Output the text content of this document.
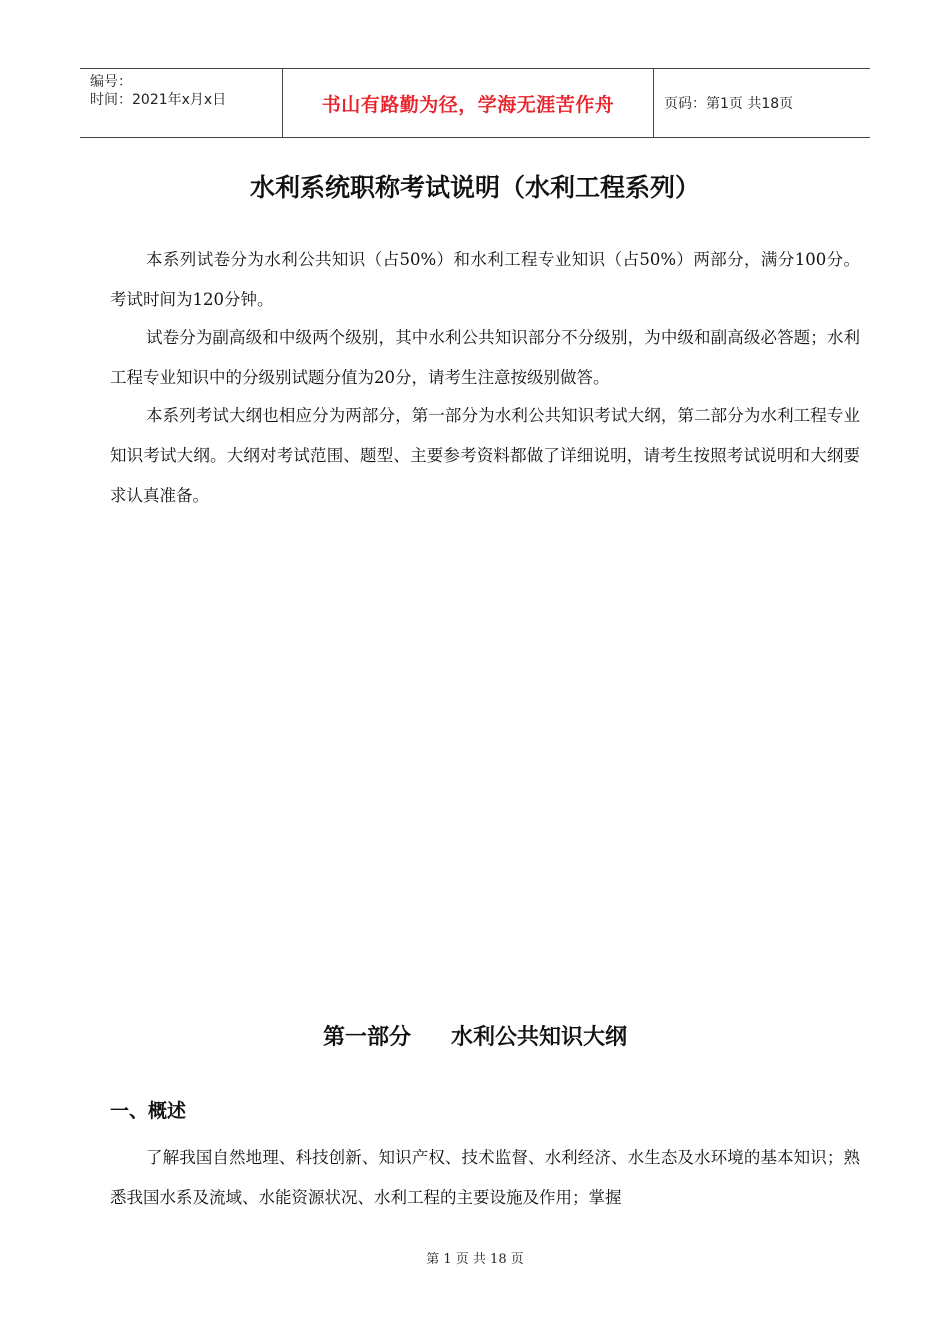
编号：
时间：2021年x月x日	书山有路勤为径，学海无涯苦作舟	页码：第1页 共18页
水利系统职称考试说明（水利工程系列）

本系列试卷分为水利公共知识（占50%）和水利工程专业知识（占50%）两部分，满分100分。考试时间为120分钟。

试卷分为副高级和中级两个级别，其中水利公共知识部分不分级别，为中级和副高级必答题；水利工程专业知识中的分级别试题分值为20分，请考生注意按级别做答。

本系列考试大纲也相应分为两部分，第一部分为水利公共知识考试大纲，第二部分为水利工程专业知识考试大纲。大纲对考试范围、题型、主要参考资料都做了详细说明，请考生按照考试说明和大纲要求认真准备。

第一部分 水利公共知识大纲
一、概述

了解我国自然地理、科技创新、知识产权、技术监督、水利经济、水生态及水环境的基本知识；熟悉我国水系及流域、水能资源状况、水利工程的主要设施及作用；掌握

第 1 页 共 18 页
